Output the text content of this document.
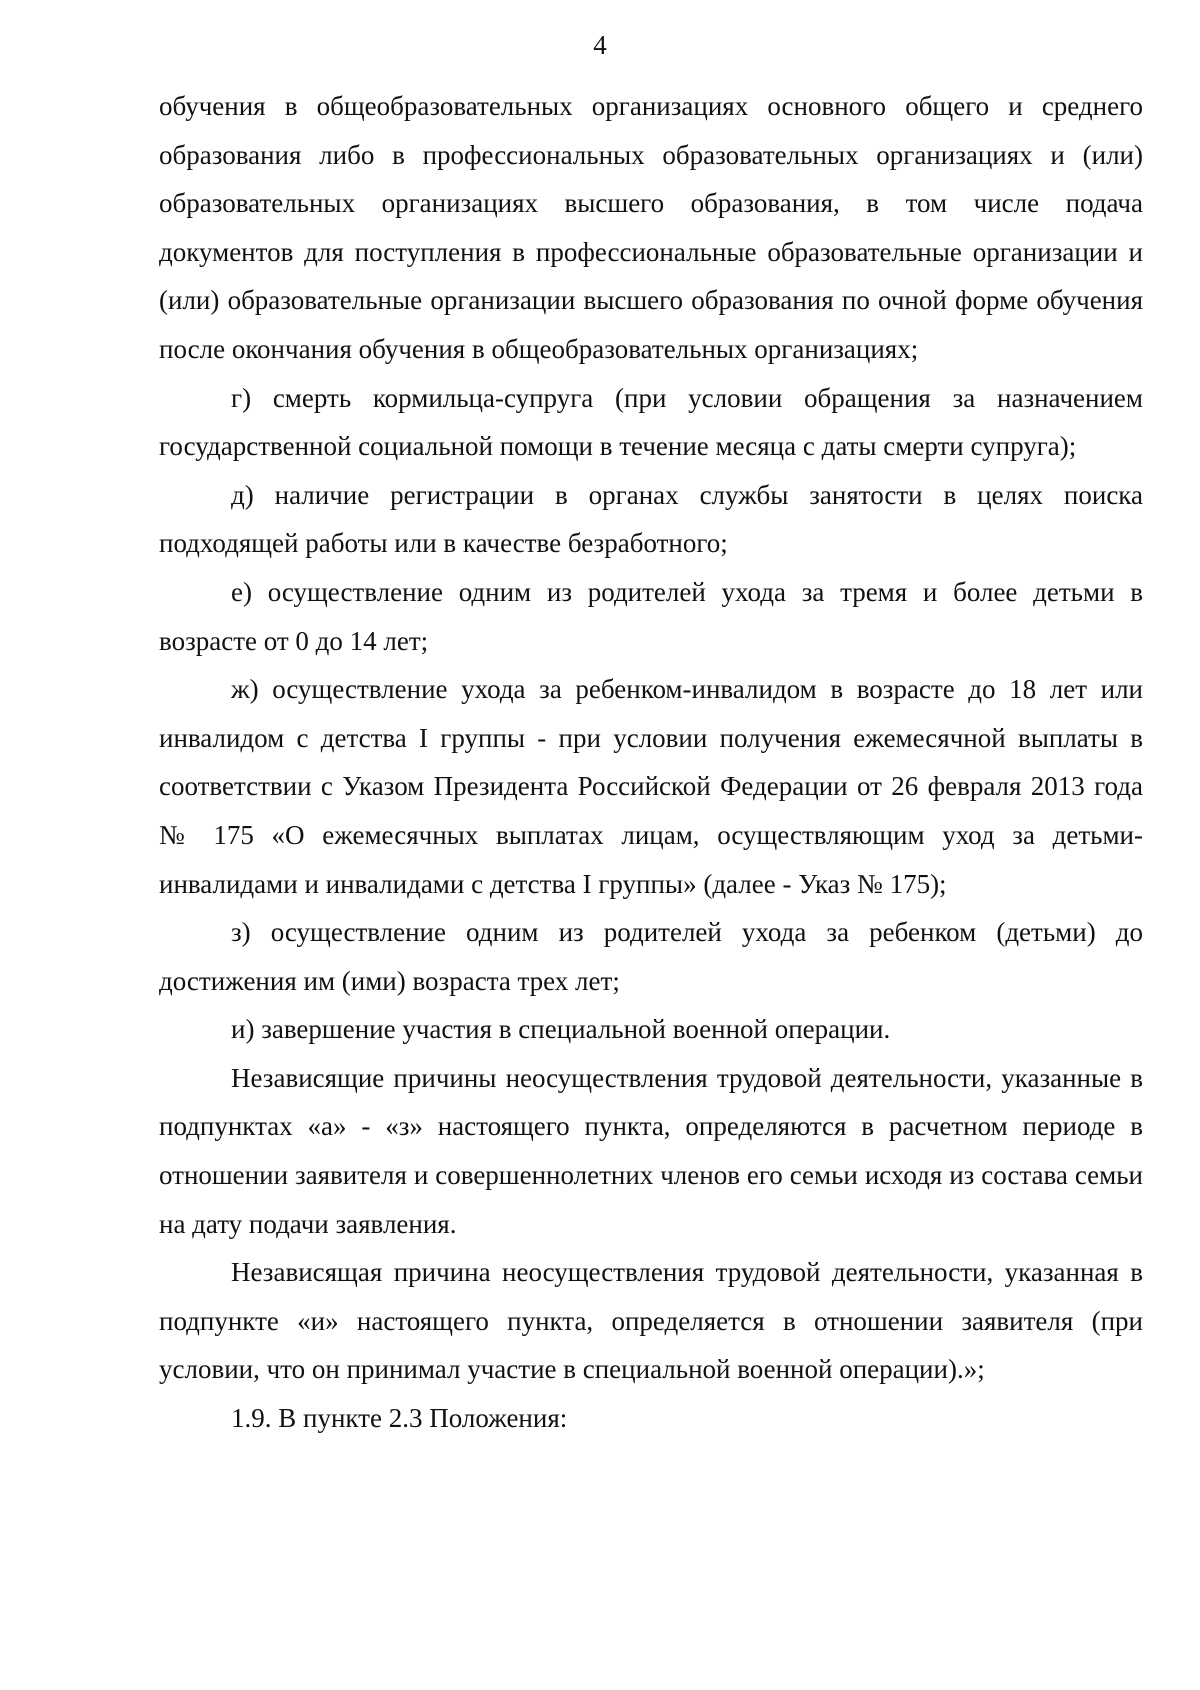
4

обучения в общеобразовательных организациях основного общего и среднего образования либо в профессиональных образовательных организациях и (или) образовательных организациях высшего образования, в том числе подача документов для поступления в профессиональные образовательные организации и (или) образовательные организации высшего образования по очной форме обучения после окончания обучения в общеобразовательных организациях;

г) смерть кормильца-супруга (при условии обращения за назначением государственной социальной помощи в течение месяца с даты смерти супруга);

д) наличие регистрации в органах службы занятости в целях поиска подходящей работы или в качестве безработного;

е) осуществление одним из родителей ухода за тремя и более детьми в возрасте от 0 до 14 лет;

ж) осуществление ухода за ребенком-инвалидом в возрасте до 18 лет или инвалидом с детства I группы - при условии получения ежемесячной выплаты в соответствии с Указом Президента Российской Федерации от 26 февраля 2013 года № 175 «О ежемесячных выплатах лицам, осуществляющим уход за детьми-инвалидами и инвалидами с детства I группы» (далее - Указ № 175);

з) осуществление одним из родителей ухода за ребенком (детьми) до достижения им (ими) возраста трех лет;

и) завершение участия в специальной военной операции.

Независящие причины неосуществления трудовой деятельности, указанные в подпунктах «а» - «з» настоящего пункта, определяются в расчетном периоде в отношении заявителя и совершеннолетних членов его семьи исходя из состава семьи на дату подачи заявления.

Независящая причина неосуществления трудовой деятельности, указанная в подпункте «и» настоящего пункта, определяется в отношении заявителя (при условии, что он принимал участие в специальной военной операции).»;

1.9. В пункте 2.3 Положения:
